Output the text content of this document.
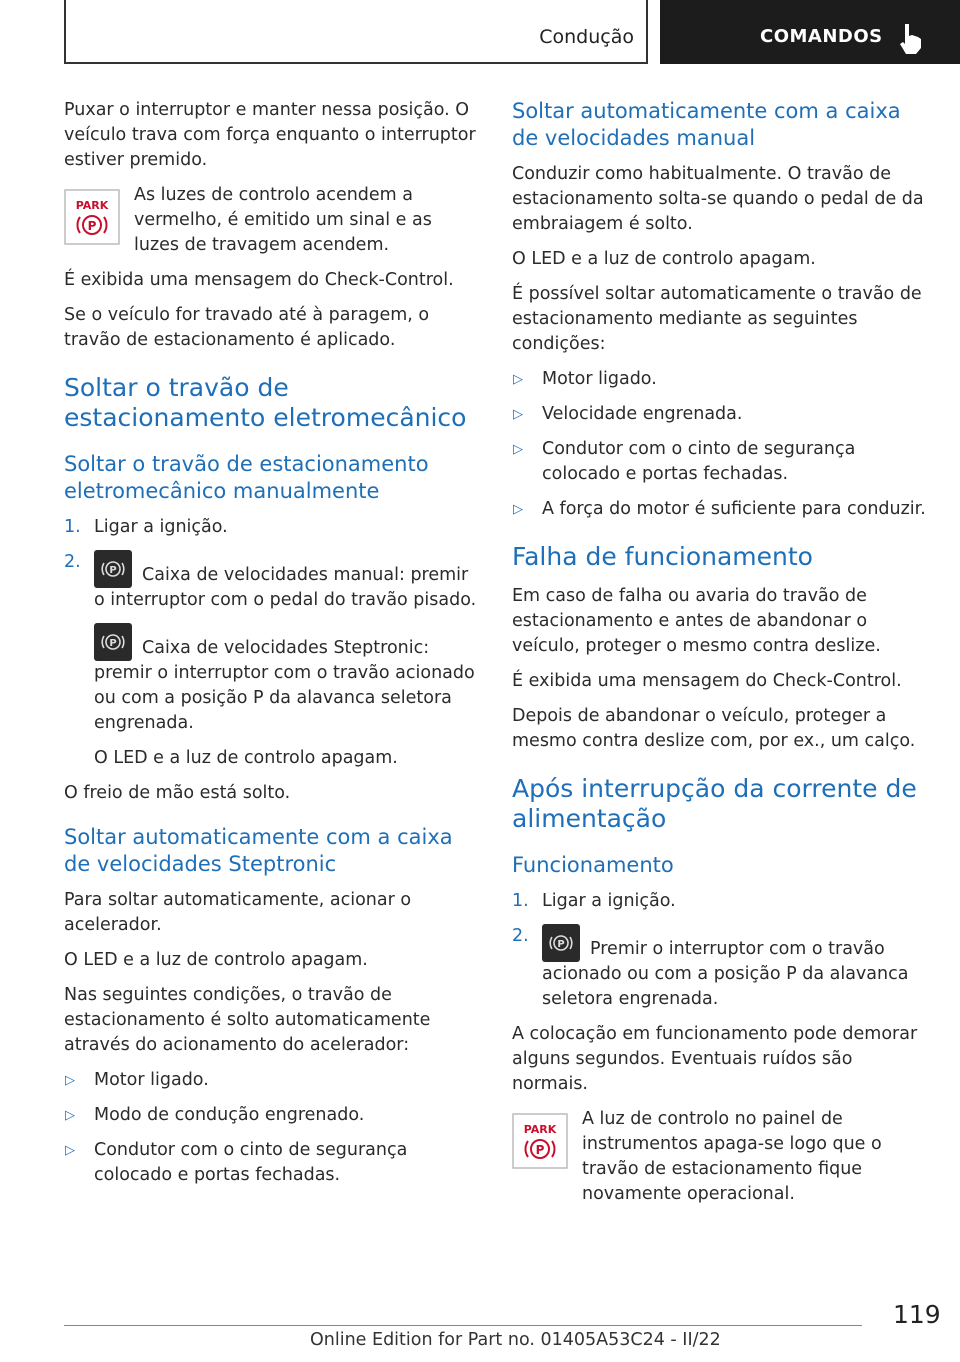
Condução	COMANDOS

Puxar o interruptor e manter nessa posição. O veículo trava com força enquanto o interruptor estiver premido.

PARK
P

As luzes de controlo acendem a vermelho, é emitido um sinal e as luzes de travagem acendem.

É exibida uma mensagem do Check-Control.

Se o veículo for travado até à paragem, o travão de estacionamento é aplicado.

Soltar o travão de estacionamento eletromecânico
Soltar o travão de estacionamento eletromecânico manualmente
1. Ligar a ignição.
2.	P Caixa de velocidades manual: premir o interruptor com o pedal do travão pisado.
P Caixa de velocidades Steptronic: premir o interruptor com o travão acionado ou com a posição P da alavanca seletora engrenada.

O LED e a luz de controlo apagam.

O freio de mão está solto.

Soltar automaticamente com a caixa de velocidades Steptronic

Para soltar automaticamente, acionar o acelerador.

O LED e a luz de controlo apagam.

Nas seguintes condições, o travão de estacionamento é solto automaticamente através do acionamento do acelerador:

▷ Motor ligado.
▷ Modo de condução engrenado.
▷ Condutor com o cinto de segurança colocado e portas fechadas.
Soltar automaticamente com a caixa de velocidades manual

Conduzir como habitualmente. O travão de estacionamento solta-se quando o pedal de da embraiagem é solto.

O LED e a luz de controlo apagam.

É possível soltar automaticamente o travão de estacionamento mediante as seguintes condições:

▷ Motor ligado.
▷ Velocidade engrenada.
▷ Condutor com o cinto de segurança colocado e portas fechadas.
▷ A força do motor é suficiente para conduzir.
Falha de funcionamento

Em caso de falha ou avaria do travão de estacionamento e antes de abandonar o veículo, proteger o mesmo contra deslize.

É exibida uma mensagem do Check-Control.

Depois de abandonar o veículo, proteger a mesmo contra deslize com, por ex., um calço.

Após interrupção da corrente de alimentação
Funcionamento
1. Ligar a ignição.
2.	P Premir o interruptor com o travão acionado ou com a posição P da alavanca seletora engrenada.

A colocação em funcionamento pode demorar alguns segundos. Eventuais ruídos são normais.

PARK
P

A luz de controlo no painel de instrumentos apaga-se logo que o travão de estacionamento fique novamente operacional.

119
Online Edition for Part no. 01405A53C24 - II/22
